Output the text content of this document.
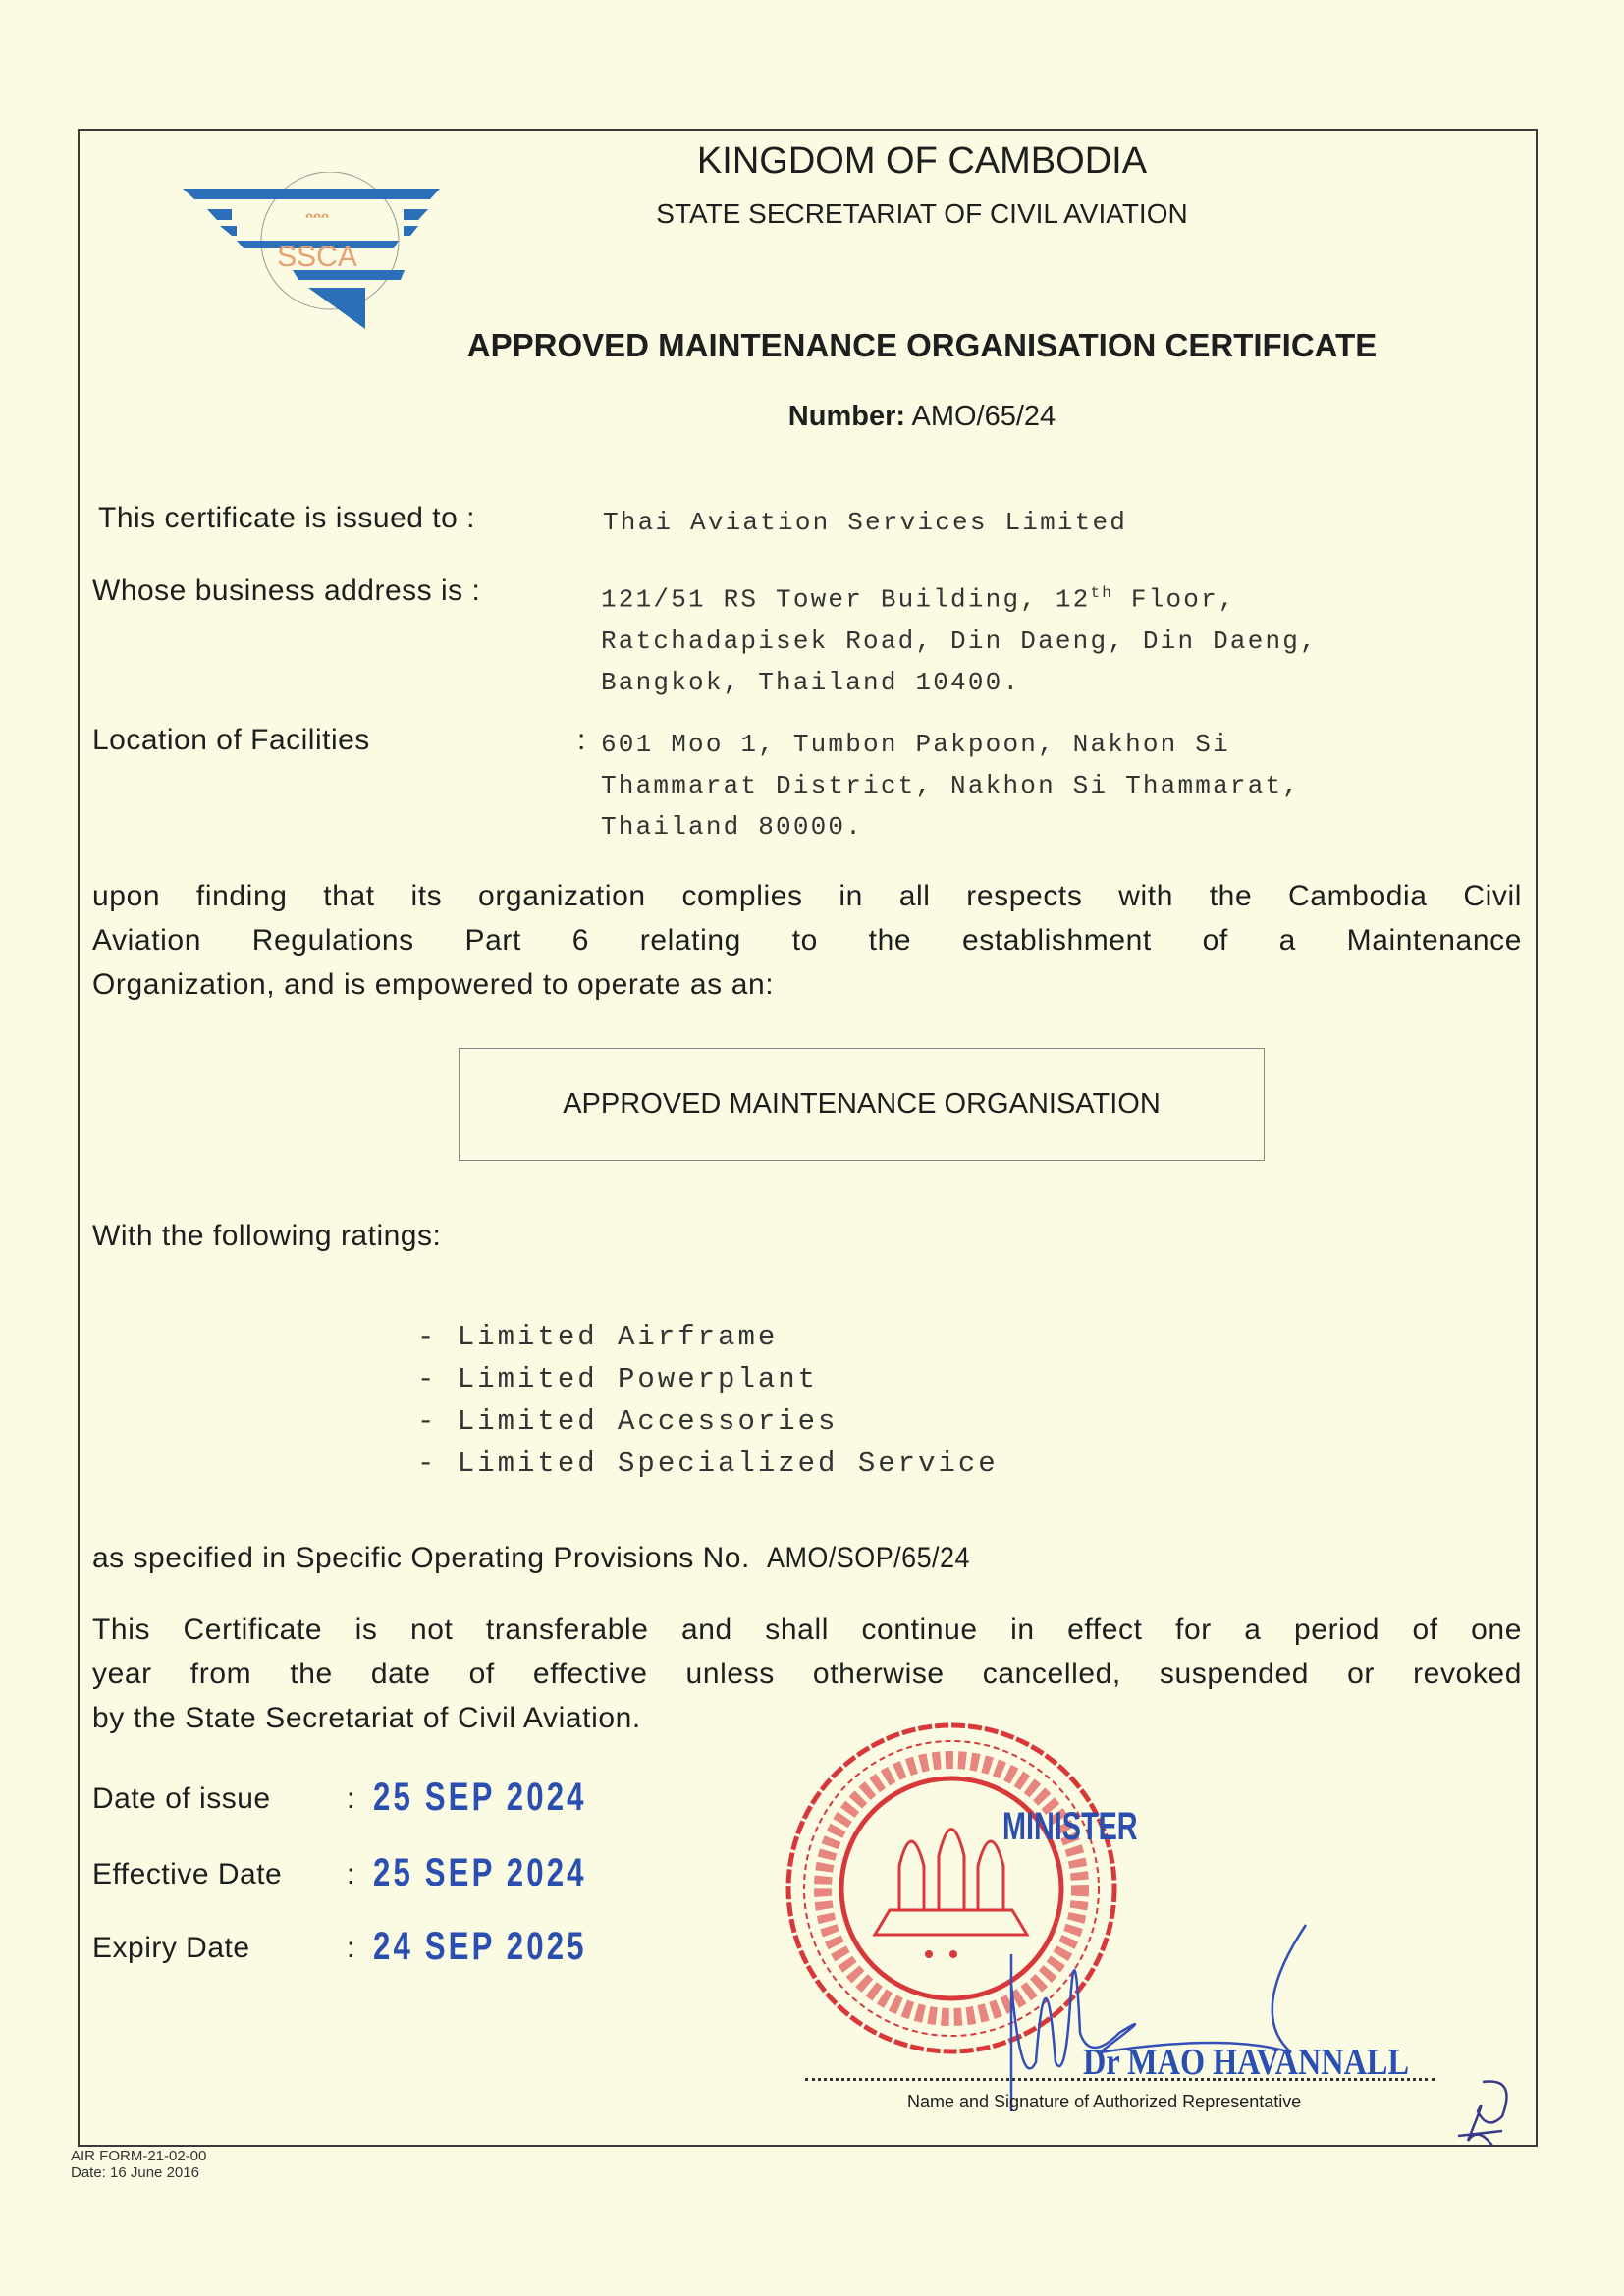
ᵔᵔᵔ
SSCA
KINGDOM OF CAMBODIA
STATE SECRETARIAT OF CIVIL AVIATION
APPROVED MAINTENANCE ORGANISATION CERTIFICATE
Number: AMO/65/24
This certificate is issued to :	Thai Aviation Services Limited
Whose business address is :	121/51 RS Tower Building, 12th Floor,
Ratchadapisek Road, Din Daeng, Din Daeng,
Bangkok, Thailand 10400.
Location of Facilities	: 601 Moo 1, Tumbon Pakpoon, Nakhon Si
Thammarat District, Nakhon Si Thammarat,
Thailand 80000.
upon finding that its organization complies in all respects with the Cambodia Civil
Aviation Regulations Part 6 relating to the establishment of a Maintenance
Organization, and is empowered to operate as an:
APPROVED MAINTENANCE ORGANISATION
With the following ratings:
- Limited Airframe
- Limited Powerplant
- Limited Accessories
- Limited Specialized Service
as specified in Specific Operating Provisions No. AMO/SOP/65/24
This Certificate is not transferable and shall continue in effect for a period of one
year from the date of effective unless otherwise cancelled, suspended or revoked
by the State Secretariat of Civil Aviation.
Date of issue	: 25 SEP 2024
Effective Date : 25 SEP 2024
Expiry Date	: 24 SEP 2025
MINISTER
Dr MAO HAVANNALL
Name and Signature of Authorized Representative
AIR FORM-21-02-00
Date: 16 June 2016
